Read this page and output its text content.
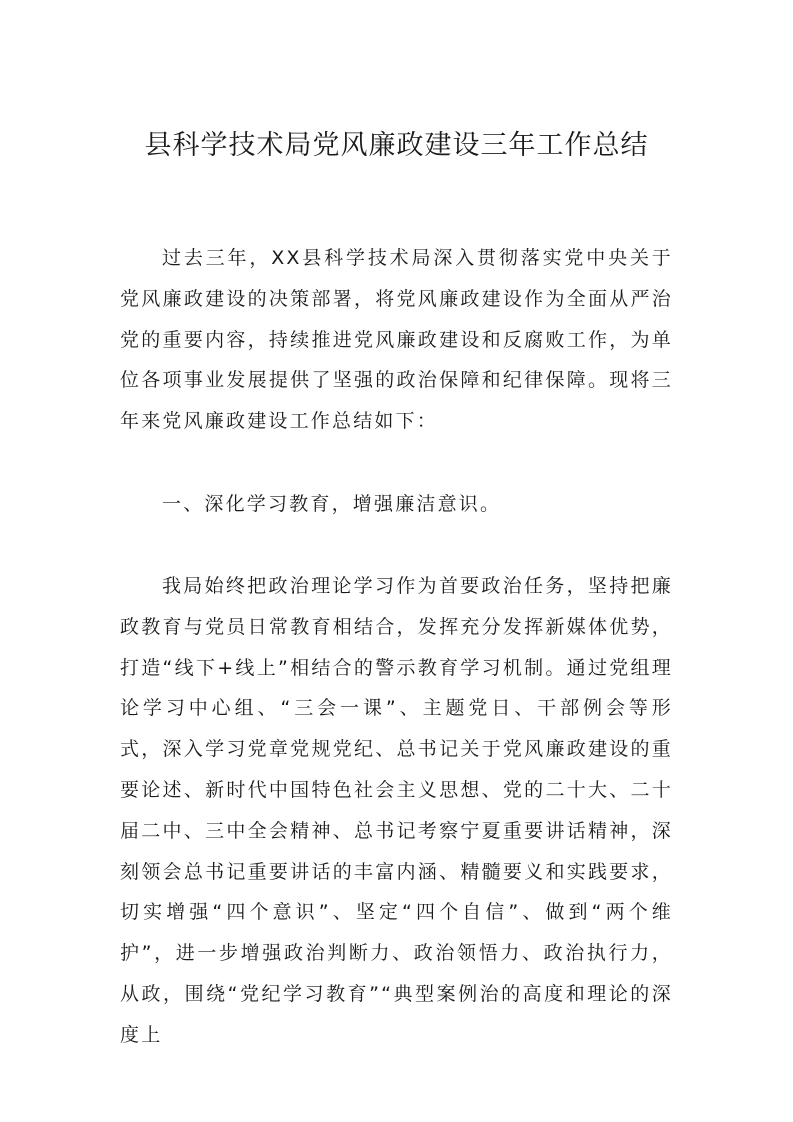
县科学技术局党风廉政建设三年工作总结

过去三年，XX县科学技术局深入贯彻落实党中央关于党风廉政建设的决策部署，将党风廉政建设作为全面从严治党的重要内容，持续推进党风廉政建设和反腐败工作，为单位各项事业发展提供了坚强的政治保障和纪律保障。现将三年来党风廉政建设工作总结如下：

一、深化学习教育，增强廉洁意识。

我局始终把政治理论学习作为首要政治任务，坚持把廉政教育与党员日常教育相结合，发挥充分发挥新媒体优势，打造“线下+线上”相结合的警示教育学习机制。通过党组理论学习中心组、“三会一课”、主题党日、干部例会等形式，深入学习党章党规党纪、总书记关于党风廉政建设的重要论述、新时代中国特色社会主义思想、党的二十大、二十届二中、三中全会精神、总书记考察宁夏重要讲话精神，深刻领会总书记重要讲话的丰富内涵、精髓要义和实践要求，切实增强“四个意识”、坚定“四个自信”、做到“两个维护”，进一步增强政治判断力、政治领悟力、政治执行力，从政，围绕“党纪学习教育”“典型案例治的高度和理论的深度上
